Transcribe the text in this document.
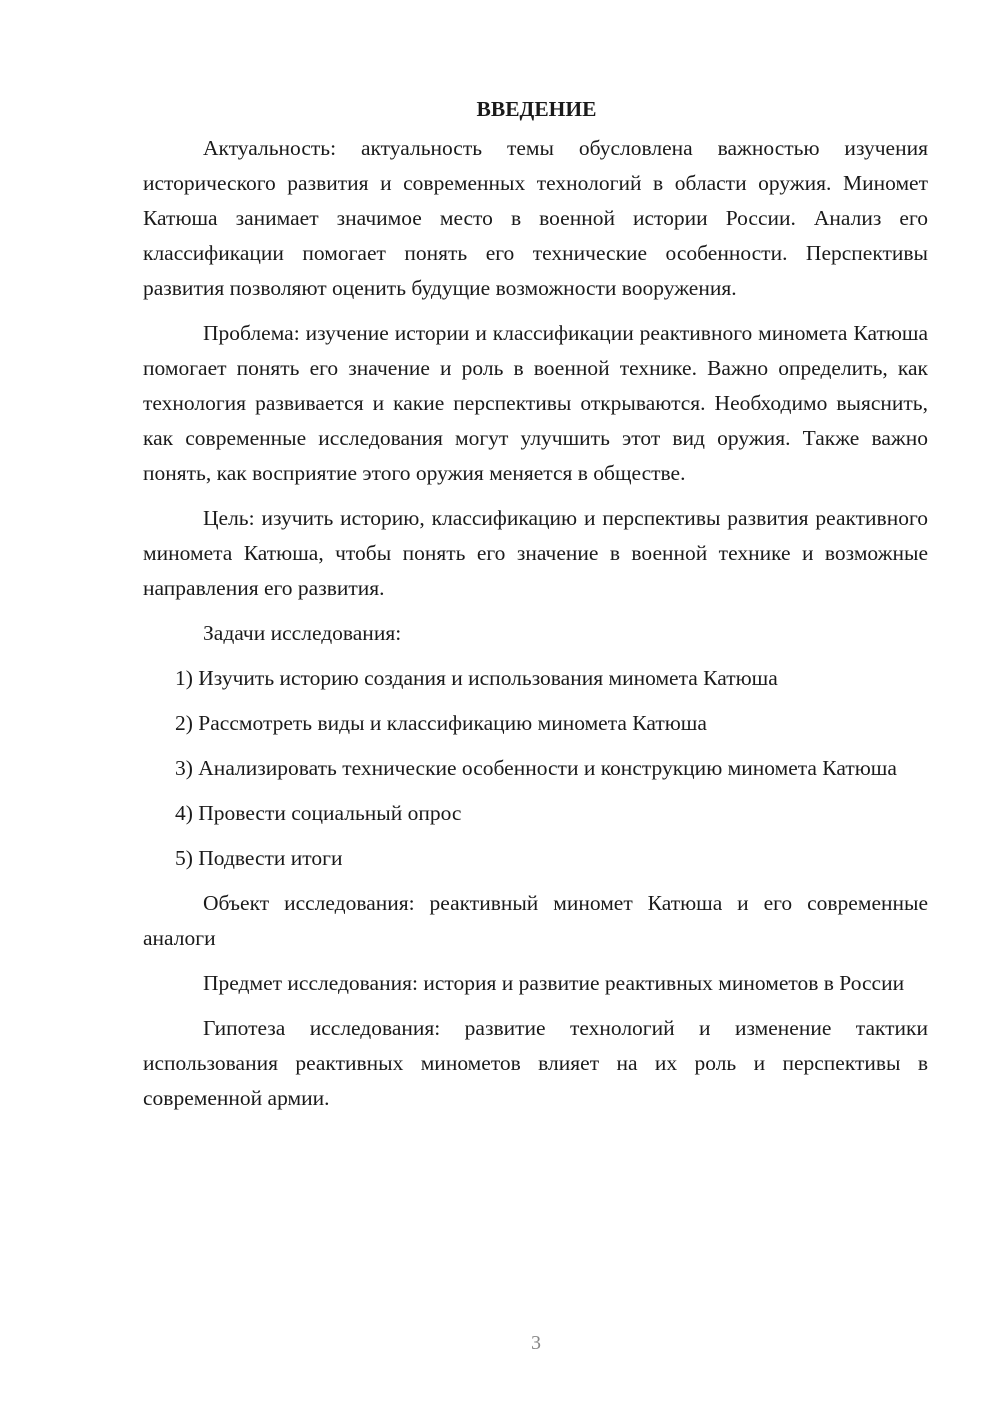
ВВЕДЕНИЕ

Актуальность: актуальность темы обусловлена важностью изучения исторического развития и современных технологий в области оружия. Миномет Катюша занимает значимое место в военной истории России. Анализ его классификации помогает понять его технические особенности. Перспективы развития позволяют оценить будущие возможности вооружения.

Проблема: изучение истории и классификации реактивного миномета Катюша помогает понять его значение и роль в военной технике. Важно определить, как технология развивается и какие перспективы открываются. Необходимо выяснить, как современные исследования могут улучшить этот вид оружия. Также важно понять, как восприятие этого оружия меняется в обществе.

Цель: изучить историю, классификацию и перспективы развития реактивного миномета Катюша, чтобы понять его значение в военной технике и возможные направления его развития.

Задачи исследования:

1) Изучить историю создания и использования миномета Катюша

2) Рассмотреть виды и классификацию миномета Катюша

3) Анализировать технические особенности и конструкцию миномета Катюша

4) Провести социальный опрос

5) Подвести итоги

Объект исследования: реактивный миномет Катюша и его современные аналоги

Предмет исследования: история и развитие реактивных минометов в России

Гипотеза исследования: развитие технологий и изменение тактики использования реактивных минометов влияет на их роль и перспективы в современной армии.

3
